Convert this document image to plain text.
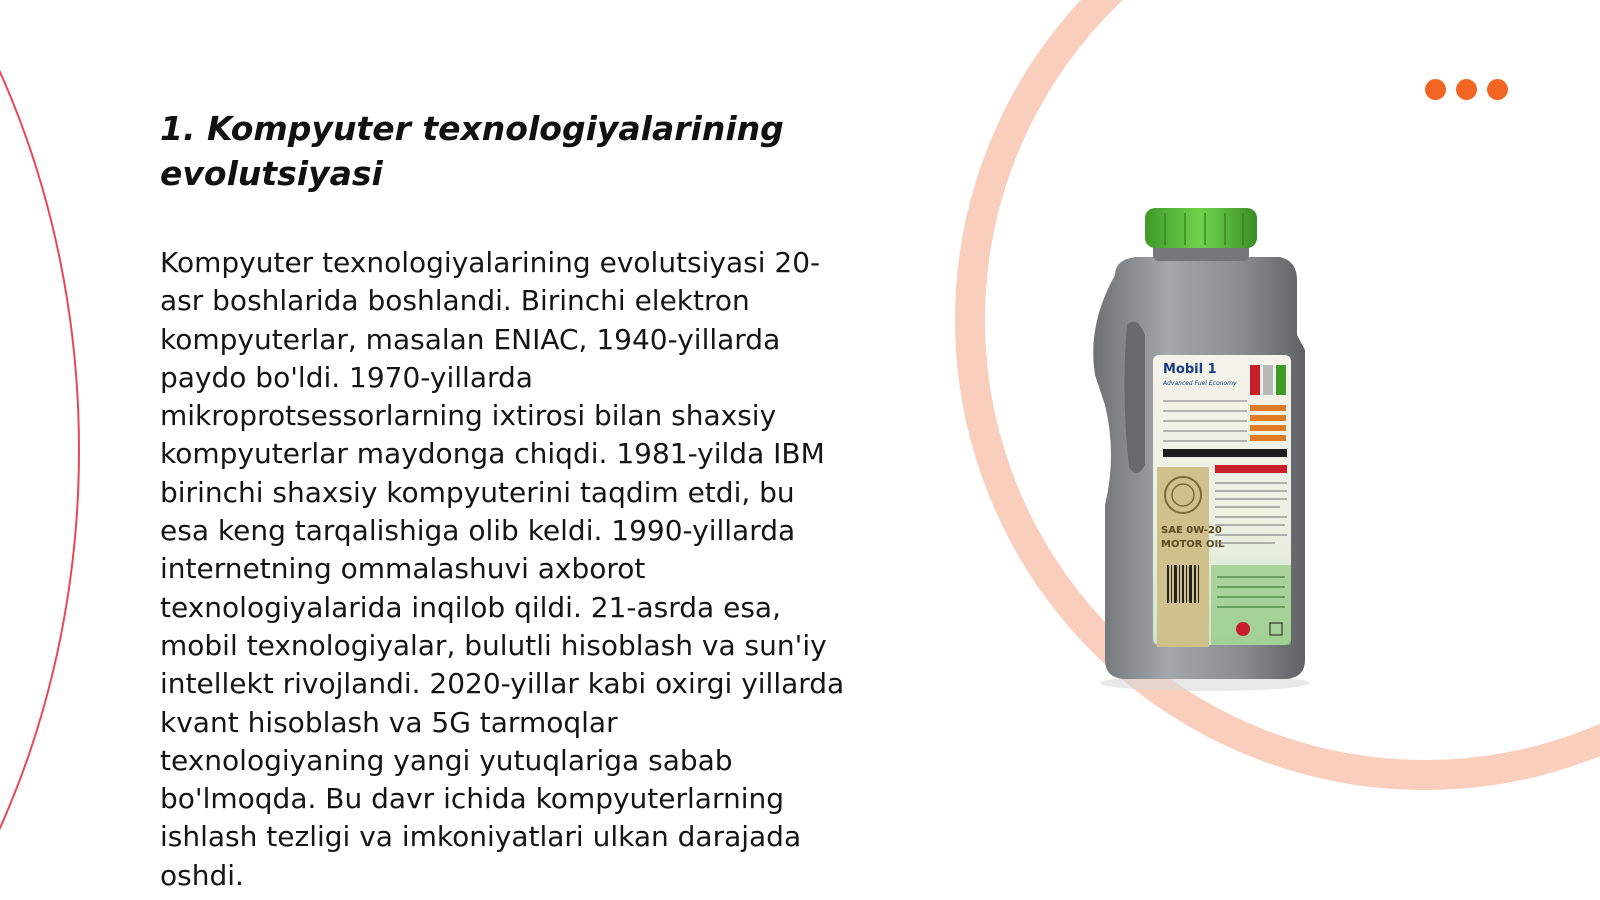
1. Kompyuter texnologiyalarining evolutsiyasi

Kompyuter texnologiyalarining evolutsiyasi 20-asr boshlarida boshlandi. Birinchi elektron kompyuterlar, masalan ENIAC, 1940-yillarda paydo bo'ldi. 1970-yillarda mikroprotsessorlarning ixtirosi bilan shaxsiy kompyuterlar maydonga chiqdi. 1981-yilda IBM birinchi shaxsiy kompyuterini taqdim etdi, bu esa keng tarqalishiga olib keldi. 1990-yillarda internetning ommalashuvi axborot texnologiyalarida inqilob qildi. 21-asrda esa, mobil texnologiyalar, bulutli hisoblash va sun'iy intellekt rivojlandi. 2020-yillar kabi oxirgi yillarda kvant hisoblash va 5G tarmoqlar texnologiyaning yangi yutuqlariga sabab bo'lmoqda. Bu davr ichida kompyuterlarning ishlash tezligi va imkoniyatlari ulkan darajada oshdi.

Mobil 1
Advanced Fuel Economy
SAE 0W-20
MOTOR OIL
